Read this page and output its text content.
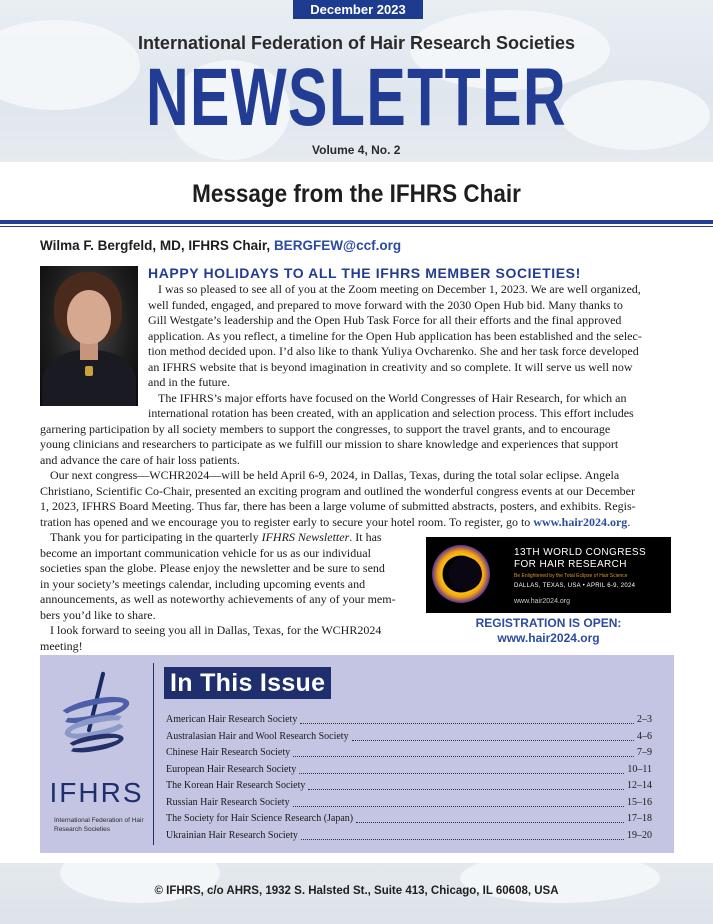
December 2023
International Federation of Hair Research Societies
NEWSLETTER
Volume 4, No. 2
Message from the IFHRS Chair
Wilma F. Bergfeld, MD, IFHRS Chair, BERGFEW@ccf.org
HAPPY HOLIDAYS TO ALL THE IFHRS MEMBER SOCIETIES!
I was so pleased to see all of you at the Zoom meeting on December 1, 2023. We are well organized,
well funded, engaged, and prepared to move forward with the 2030 Open Hub bid. Many thanks to
Gill Westgate’s leadership and the Open Hub Task Force for all their efforts and the final approved
application. As you reflect, a timeline for the Open Hub application has been established and the selec-
tion method decided upon. I’d also like to thank Yuliya Ovcharenko. She and her task force developed
an IFHRS website that is beyond imagination in creativity and so complete. It will serve us well now
and in the future.
The IFHRS’s major efforts have focused on the World Congresses of Hair Research, for which an
international rotation has been created, with an application and selection process. This effort includes
garnering participation by all society members to support the congresses, to support the travel grants, and to encourage
young clinicians and researchers to participate as we fulfill our mission to share knowledge and experiences that support
and advance the care of hair loss patients.
Our next congress—WCHR2024—will be held April 6-9, 2024, in Dallas, Texas, during the total solar eclipse. Angela
Christiano, Scientific Co-Chair, presented an exciting program and outlined the wonderful congress events at our December
1, 2023, IFHRS Board Meeting. Thus far, there has been a large volume of submitted abstracts, posters, and exhibits. Regis-
tration has opened and we encourage you to register early to secure your hotel room. To register, go to www.hair2024.org.
Thank you for participating in the quarterly IFHRS Newsletter. It has
become an important communication vehicle for us as our individual
societies span the globe. Please enjoy the newsletter and be sure to send
in your society’s meetings calendar, including upcoming events and
announcements, as well as noteworthy achievements of any of your mem-
bers you’d like to share.
I look forward to seeing you all in Dallas, Texas, for the WCHR2024
meeting!
13TH WORLD CONGRESS
FOR HAIR RESEARCH
Be Enlightened by the Total Eclipse of Hair Science
DALLAS, TEXAS, USA • APRIL 6-9, 2024
www.hair2024.org
REGISTRATION IS OPEN:
www.hair2024.org
IFHRS
International Federation of Hair Research Societies
In This Issue
American Hair Research Society	2–3
Australasian Hair and Wool Research Society	4–6
Chinese Hair Research Society	7–9
European Hair Research Society	10–11
The Korean Hair Research Society	12–14
Russian Hair Research Society	15–16
The Society for Hair Science Research (Japan)	17–18
Ukrainian Hair Research Society	19–20
© IFHRS, c/o AHRS, 1932 S. Halsted St., Suite 413, Chicago, IL 60608, USA
